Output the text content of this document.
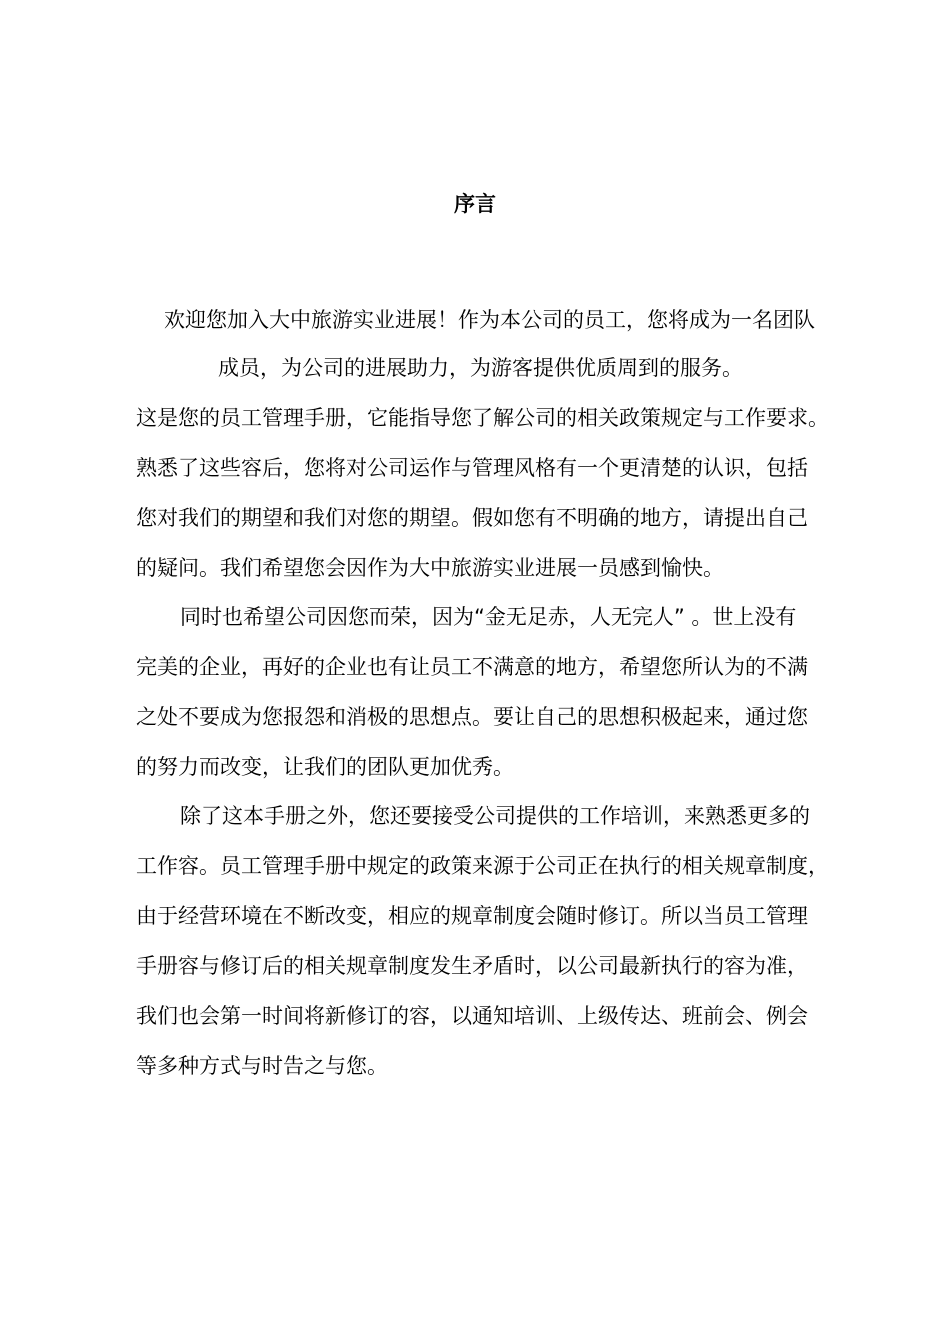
序言
欢迎您加入大中旅游实业进展！作为本公司的员工，您将成为一名团队
成员，为公司的进展助力，为游客提供优质周到的服务。
这是您的员工管理手册，它能指导您了解公司的相关政策规定与工作要求。
熟悉了这些容后，您将对公司运作与管理风格有一个更清楚的认识，包括
您对我们的期望和我们对您的期望。假如您有不明确的地方，请提出自己
的疑问。我们希望您会因作为大中旅游实业进展一员感到愉快。
同时也希望公司因您而荣，因为“金无足赤，人无完人” 。世上没有
完美的企业，再好的企业也有让员工不满意的地方，希望您所认为的不满
之处不要成为您报怨和消极的思想点。要让自己的思想积极起来，通过您
的努力而改变，让我们的团队更加优秀。
除了这本手册之外，您还要接受公司提供的工作培训，来熟悉更多的
工作容。员工管理手册中规定的政策来源于公司正在执行的相关规章制度，
由于经营环境在不断改变，相应的规章制度会随时修订。所以当员工管理
手册容与修订后的相关规章制度发生矛盾时，以公司最新执行的容为准，
我们也会第一时间将新修订的容，以通知培训、上级传达、班前会、例会
等多种方式与时告之与您。
